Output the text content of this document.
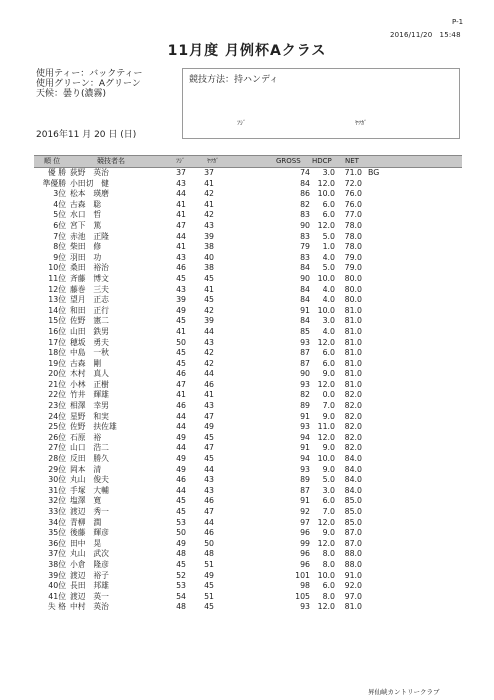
P-1
2016/11/20　15:48
11月度 月例杯Aクラス
使用ティー：バックティー
使用グリーン：Aグリーン
天候：曇り(濃霧)
競技方法：持ハンディ
ﾌｼﾞ	ﾔﾂｶﾞ
2016年11 月 20 日 (日)
順 位	競技者名	ﾌｼﾞ	ﾔﾂｶﾞ	GROSS HDCP NET
優 勝 荻野　英治	37 37	74	3.0	71.0 BG
準優勝 小田切　健	43 41	84 12.0	72.0
3位 松本　瑛磨	44 42	86 10.0	76.0
4位 古森　聡	41 41	82	6.0	76.0
5位 水口　哲	41 42	83	6.0	77.0
6位 宮下　篤	47 43	90 12.0	78.0
7位 赤池　正隆	44 39	83	5.0	78.0
8位 柴田　修	41 38	79	1.0	78.0
9位 羽田　功	43 40	83	4.0	79.0
10位 桑田　裕治	46 38	84	5.0	79.0
11位 斉藤　博文	45 45	90 10.0	80.0
12位 藤巻　三夫	43 41	84	4.0	80.0
13位 望月　正志	39 45	84	4.0	80.0
14位 和田　正行	49 42	91 10.0	81.0
15位 佐野　憲二	45 39	84	3.0	81.0
16位 山田　鉄男	41 44	85	4.0	81.0
17位 穂坂　勇夫	50 43	93 12.0	81.0
18位 中島　一秋	45 42	87	6.0	81.0
19位 古森　剛	45 42	87	6.0	81.0
20位 木村　真人	46 44	90	9.0	81.0
21位 小林　正樹	47 46	93 12.0	81.0
22位 竹井　輝雄	41 41	82	0.0	82.0
23位 相澤　幸男	46 43	89	7.0	82.0
24位 星野　和実	44 47	91	9.0	82.0
25位 佐野　扶佐雄	44 49	93 11.0	82.0
26位 石原　裕	49 45	94 12.0	82.0
27位 山口　浩二	44 47	91	9.0	82.0
28位 反田　勝久	49 45	94 10.0	84.0
29位 岡本　清	49 44	93	9.0	84.0
30位 丸山　俊夫	46 43	89	5.0	84.0
31位 手塚　大輔	44 43	87	3.0	84.0
32位 塩澤　寛	45 46	91	6.0	85.0
33位 渡辺　秀一	45 47	92	7.0	85.0
34位 青柳　潤	53 44	97 12.0	85.0
35位 後藤　輝彦	50 46	96	9.0	87.0
36位 田中　晃	49 50	99 12.0	87.0
37位 丸山　武次	48 48	96	8.0	88.0
38位 小倉　隆彦	45 51	96	8.0	88.0
39位 渡辺　裕子	52 49	101 10.0	91.0
40位 長田　邦雄	53 45	98	6.0	92.0
41位 渡辺　英一	54 51	105	8.0	97.0
失 格 中村　英治	48 45	93 12.0	81.0
昇仙峡カントリークラブ
